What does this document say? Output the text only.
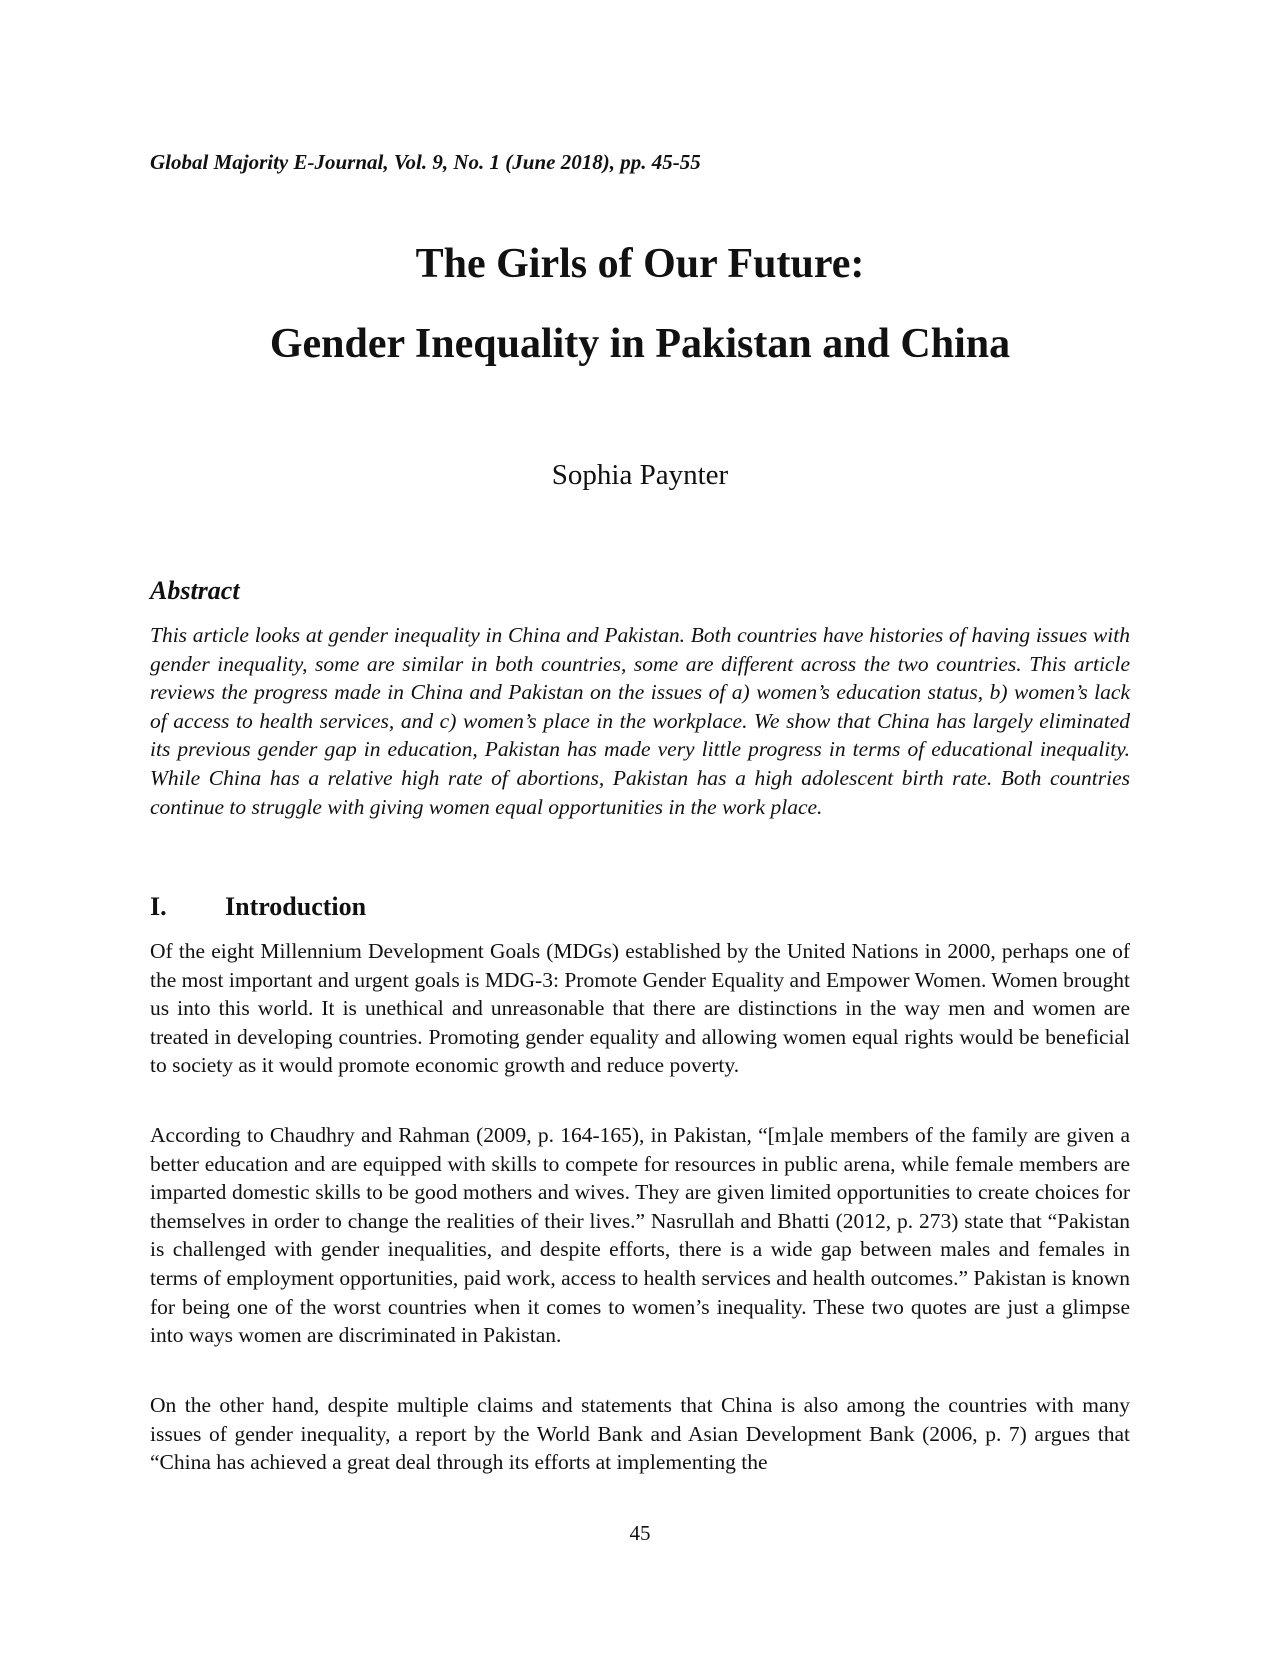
Global Majority E-Journal, Vol. 9, No. 1 (June 2018), pp. 45-55
The Girls of Our Future:
Gender Inequality in Pakistan and China
Sophia Paynter
Abstract

This article looks at gender inequality in China and Pakistan. Both countries have histories of having issues with gender inequality, some are similar in both countries, some are different across the two countries. This article reviews the progress made in China and Pakistan on the issues of a) women’s education status, b) women’s lack of access to health services, and c) women’s place in the workplace. We show that China has largely eliminated its previous gender gap in education, Pakistan has made very little progress in terms of educational inequality. While China has a relative high rate of abortions, Pakistan has a high adolescent birth rate. Both countries continue to struggle with giving women equal opportunities in the work place.

I. Introduction

Of the eight Millennium Development Goals (MDGs) established by the United Nations in 2000, perhaps one of the most important and urgent goals is MDG-3: Promote Gender Equality and Empower Women. Women brought us into this world. It is unethical and unreasonable that there are distinctions in the way men and women are treated in developing countries. Promoting gender equality and allowing women equal rights would be beneficial to society as it would promote economic growth and reduce poverty.

According to Chaudhry and Rahman (2009, p. 164-165), in Pakistan, “[m]ale members of the family are given a better education and are equipped with skills to compete for resources in public arena, while female members are imparted domestic skills to be good mothers and wives. They are given limited opportunities to create choices for themselves in order to change the realities of their lives.” Nasrullah and Bhatti (2012, p. 273) state that “Pakistan is challenged with gender inequalities, and despite efforts, there is a wide gap between males and females in terms of employment opportunities, paid work, access to health services and health outcomes.” Pakistan is known for being one of the worst countries when it comes to women’s inequality. These two quotes are just a glimpse into ways women are discriminated in Pakistan.

On the other hand, despite multiple claims and statements that China is also among the countries with many issues of gender inequality, a report by the World Bank and Asian Development Bank (2006, p. 7) argues that “China has achieved a great deal through its efforts at implementing the

45
